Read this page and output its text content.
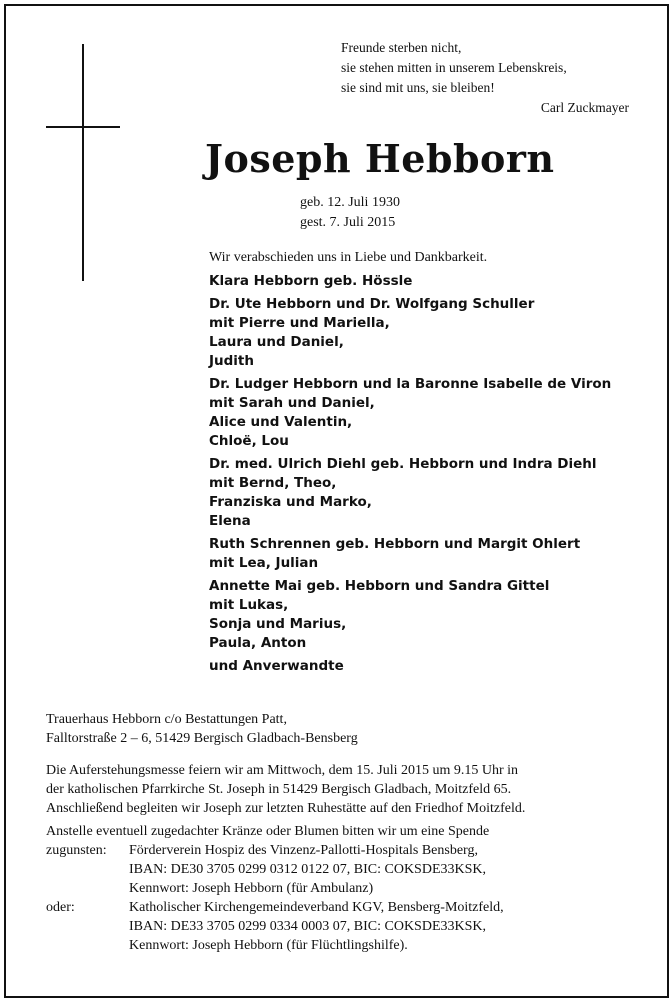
Freunde sterben nicht,
sie stehen mitten in unserem Lebenskreis,
sie sind mit uns, sie bleiben!
Carl Zuckmayer
Joseph Hebborn
geb. 12. Juli 1930
gest. 7. Juli 2015
Wir verabschieden uns in Liebe und Dankbarkeit.
Klara Hebborn geb. Hössle
Dr. Ute Hebborn und Dr. Wolfgang Schuller
mit Pierre und Mariella,
Laura und Daniel,
Judith
Dr. Ludger Hebborn und la Baronne Isabelle de Viron
mit Sarah und Daniel,
Alice und Valentin,
Chloë, Lou
Dr. med. Ulrich Diehl geb. Hebborn und Indra Diehl
mit Bernd, Theo,
Franziska und Marko,
Elena
Ruth Schrennen geb. Hebborn und Margit Ohlert
mit Lea, Julian
Annette Mai geb. Hebborn und Sandra Gittel
mit Lukas,
Sonja und Marius,
Paula, Anton
und Anverwandte
Trauerhaus Hebborn c/o Bestattungen Patt,
Falltorstraße 2 – 6, 51429 Bergisch Gladbach-Bensberg
Die Auferstehungsmesse feiern wir am Mittwoch, dem 15. Juli 2015 um 9.15 Uhr in
der katholischen Pfarrkirche St. Joseph in 51429 Bergisch Gladbach, Moitzfeld 65.
Anschließend begleiten wir Joseph zur letzten Ruhestätte auf den Friedhof Moitzfeld.
Anstelle eventuell zugedachter Kränze oder Blumen bitten wir um eine Spende
zugunsten:	Förderverein Hospiz des Vinzenz-Pallotti-Hospitals Bensberg,
IBAN: DE30 3705 0299 0312 0122 07, BIC: COKSDE33KSK,
Kennwort: Joseph Hebborn (für Ambulanz)
oder:	Katholischer Kirchengemeindeverband KGV, Bensberg-Moitzfeld,
IBAN: DE33 3705 0299 0334 0003 07, BIC: COKSDE33KSK,
Kennwort: Joseph Hebborn (für Flüchtlingshilfe).
